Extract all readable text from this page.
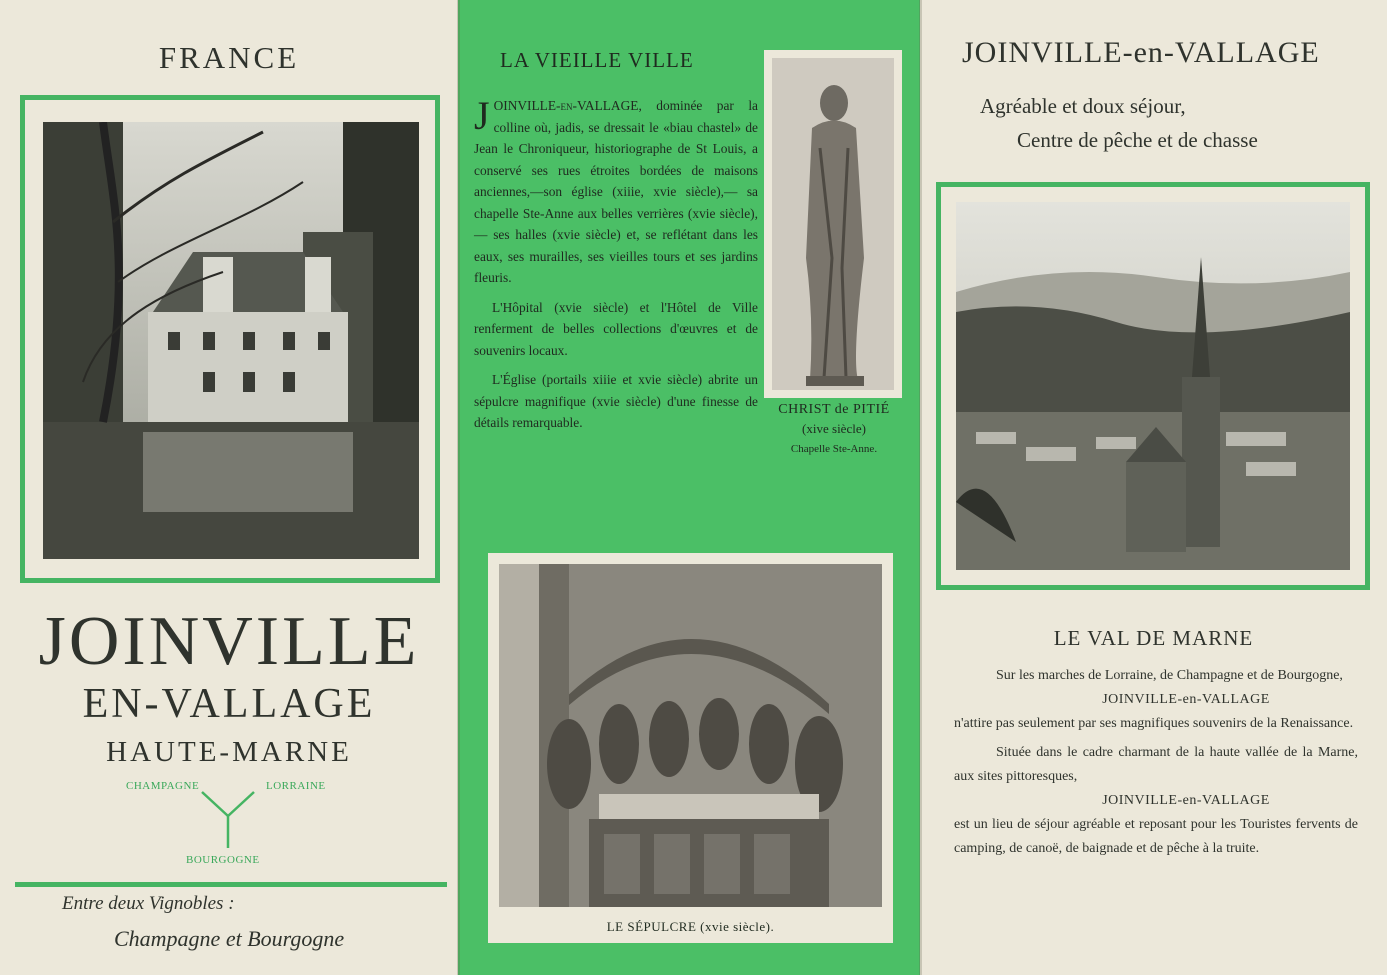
FRANCE
JOINVILLE
EN-VALLAGE
HAUTE-MARNE
CHAMPAGNE	LORRAINE
BOURGOGNE
Entre deux Vignobles :
Champagne et Bourgogne
LA VIEILLE VILLE

JOINVILLE-en-VALLAGE, dominée par la colline où, jadis, se dressait le «biau chastel» de Jean le Chroniqueur, historiographe de St Louis, a conservé ses rues étroites bordées de maisons anciennes,—son église (xiiie, xvie siècle),— sa chapelle Ste-Anne aux belles verrières (xvie siècle), — ses halles (xvie siècle) et, se reflétant dans les eaux, ses murailles, ses vieilles tours et ses jardins fleuris.

L'Hôpital (xvie siècle) et l'Hôtel de Ville renferment de belles collections d'œuvres et de souvenirs locaux.

L'Église (portails xiiie et xvie siècle) abrite un sépulcre magnifique (xvie siècle) d'une finesse de détails remarquable.

CHRIST de PITIÉ
(xive siècle)
Chapelle Ste-Anne.
LE SÉPULCRE (xvie siècle).
JOINVILLE-en-VALLAGE
Agréable et doux séjour,
Centre de pêche et de chasse
LE VAL DE MARNE

Sur les marches de Lorraine, de Champagne et de Bourgogne,

JOINVILLE-en-VALLAGE

n'attire pas seulement par ses magnifiques souvenirs de la Renaissance.

Située dans le cadre charmant de la haute vallée de la Marne, aux sites pittoresques,

JOINVILLE-en-VALLAGE

est un lieu de séjour agréable et reposant pour les Touristes fervents de camping, de canoë, de baignade et de pêche à la truite.
